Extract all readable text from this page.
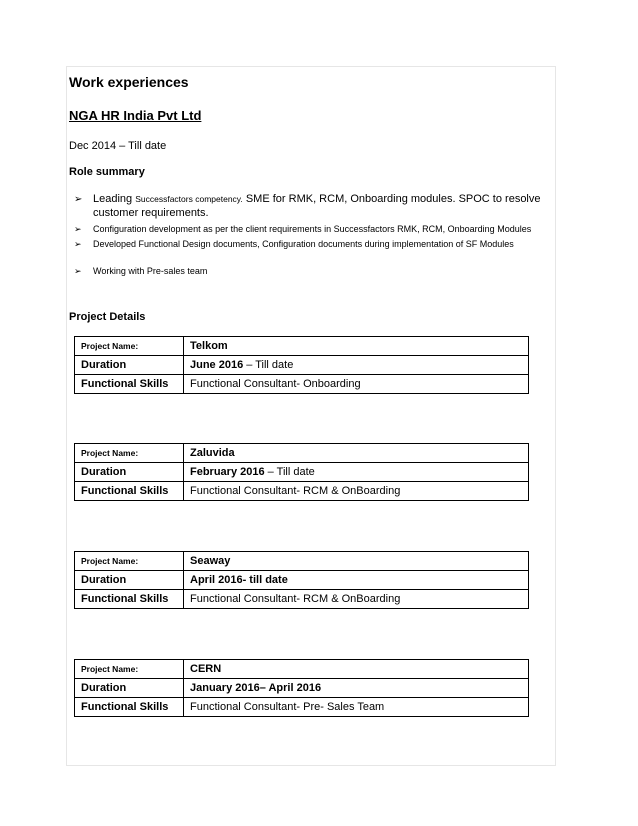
Work experiences
NGA HR India Pvt Ltd
Dec 2014 – Till date
Role summary
➢ Leading Successfactors competency. SME for RMK, RCM, Onboarding modules. SPOC to resolve customer requirements.
➢ Configuration development as per the client requirements in Successfactors RMK, RCM, Onboarding Modules
➢ Developed Functional Design documents, Configuration documents during implementation of SF Modules
➢ Working with Pre-sales team
Project Details
Project Name:	Telkom
Duration	June 2016 – Till date
Functional Skills	Functional Consultant- Onboarding
Project Name:	Zaluvida
Duration	February 2016 – Till date
Functional Skills	Functional Consultant- RCM & OnBoarding
Project Name:	Seaway
Duration	April 2016- till date
Functional Skills	Functional Consultant- RCM & OnBoarding
Project Name:	CERN
Duration	January 2016– April 2016
Functional Skills	Functional Consultant- Pre- Sales Team
